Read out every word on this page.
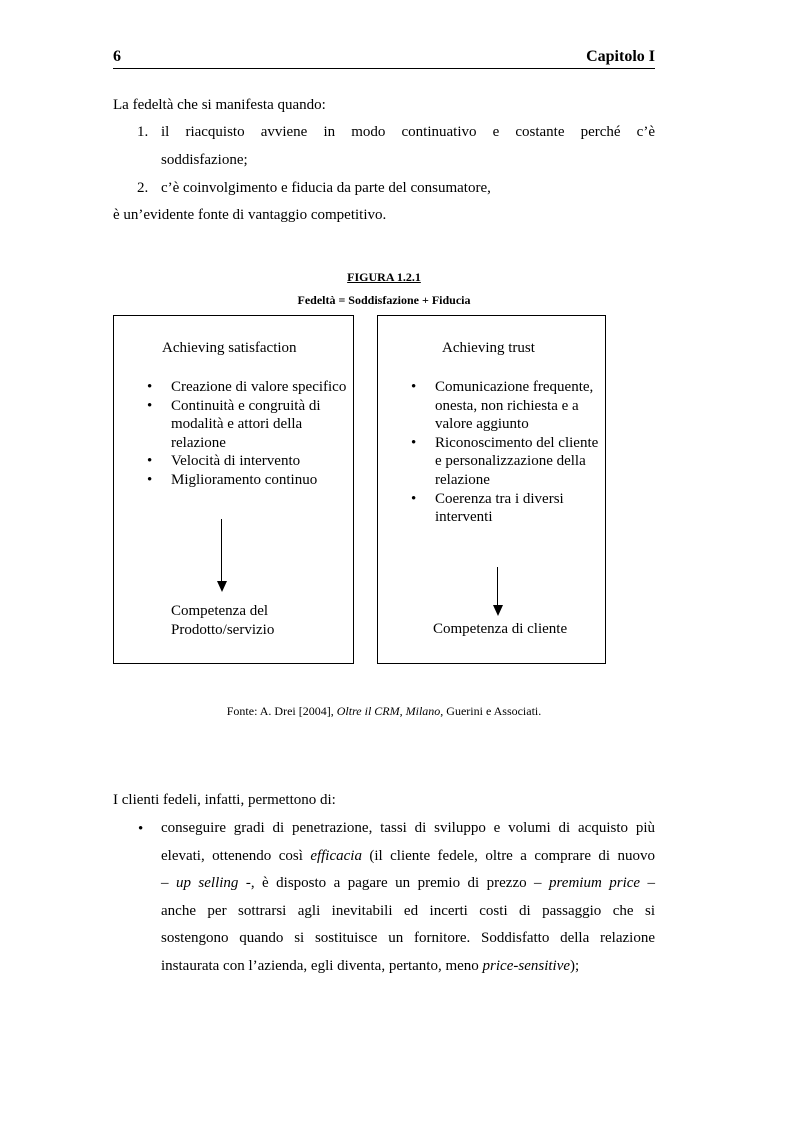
6	Capitolo I
La fedeltà che si manifesta quando:
1. il riacquisto avviene in modo continuativo e costante perché c’è
soddisfazione;
2. c’è coinvolgimento e fiducia da parte del consumatore,
è un’evidente fonte di vantaggio competitivo.
FIGURA 1.2.1
Fedeltà = Soddisfazione + Fiducia
Achieving satisfaction	Achieving trust
• Creazione di valore specifico
• Continuità e congruità di modalità e attori della relazione
• Velocità di intervento
• Miglioramento continuo
• Comunicazione frequente, onesta, non richiesta e a valore aggiunto
• Riconoscimento del cliente e personalizzazione della relazione
• Coerenza tra i diversi interventi
Competenza del
Prodotto/servizio	Competenza di cliente
Fonte: A. Drei [2004], Oltre il CRM, Milano, Guerini e Associati.
I clienti fedeli, infatti, permettono di:
• conseguire gradi di penetrazione, tassi di sviluppo e volumi di acquisto più
elevati, ottenendo così efficacia (il cliente fedele, oltre a comprare di nuovo
– up selling -, è disposto a pagare un premio di prezzo – premium price –
anche per sottrarsi agli inevitabili ed incerti costi di passaggio che si
sostengono quando si sostituisce un fornitore. Soddisfatto della relazione
instaurata con l’azienda, egli diventa, pertanto, meno price-sensitive);
